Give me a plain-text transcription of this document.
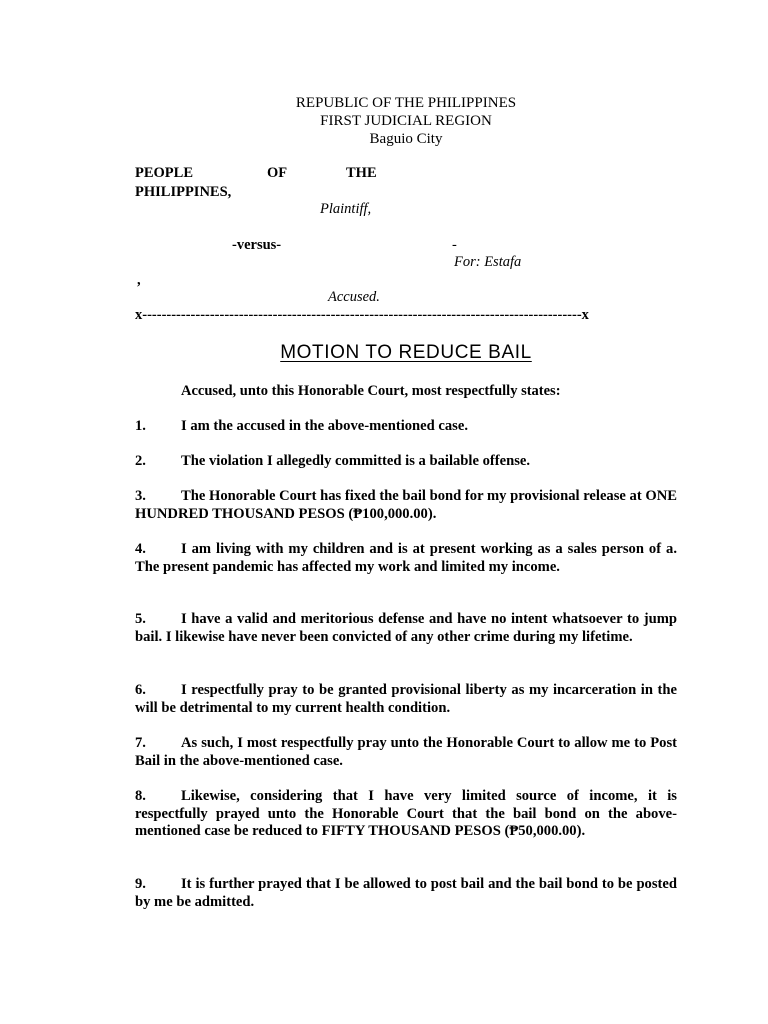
REPUBLIC OF THE PHILIPPINES
FIRST JUDICIAL REGION
Baguio City
PEOPLE	OF	THE
PHILIPPINES,
Plaintiff,
-versus-	-
For: Estafa
,
Accused.
x-------------------------------------------------------------------------------------------x
MOTION TO REDUCE BAIL
Accused, unto this Honorable Court, most respectfully states:
1. I am the accused in the above-mentioned case.
2. The violation I allegedly committed is a bailable offense.
3. The Honorable Court has fixed the bail bond for my provisional release at ONE HUNDRED THOUSAND PESOS (₱100,000.00).
4. I am living with my children and is at present working as a sales person of a. The present pandemic has affected my work and limited my income.
5. I have a valid and meritorious defense and have no intent whatsoever to jump bail. I likewise have never been convicted of any other crime during my lifetime.
6. I respectfully pray to be granted provisional liberty as my incarceration in the will be detrimental to my current health condition.
7. As such, I most respectfully pray unto the Honorable Court to allow me to Post Bail in the above-mentioned case.
8. Likewise, considering that I have very limited source of income, it is respectfully prayed unto the Honorable Court that the bail bond on the above-mentioned case be reduced to FIFTY THOUSAND PESOS (₱50,000.00).
9. It is further prayed that I be allowed to post bail and the bail bond to be posted by me be admitted.
